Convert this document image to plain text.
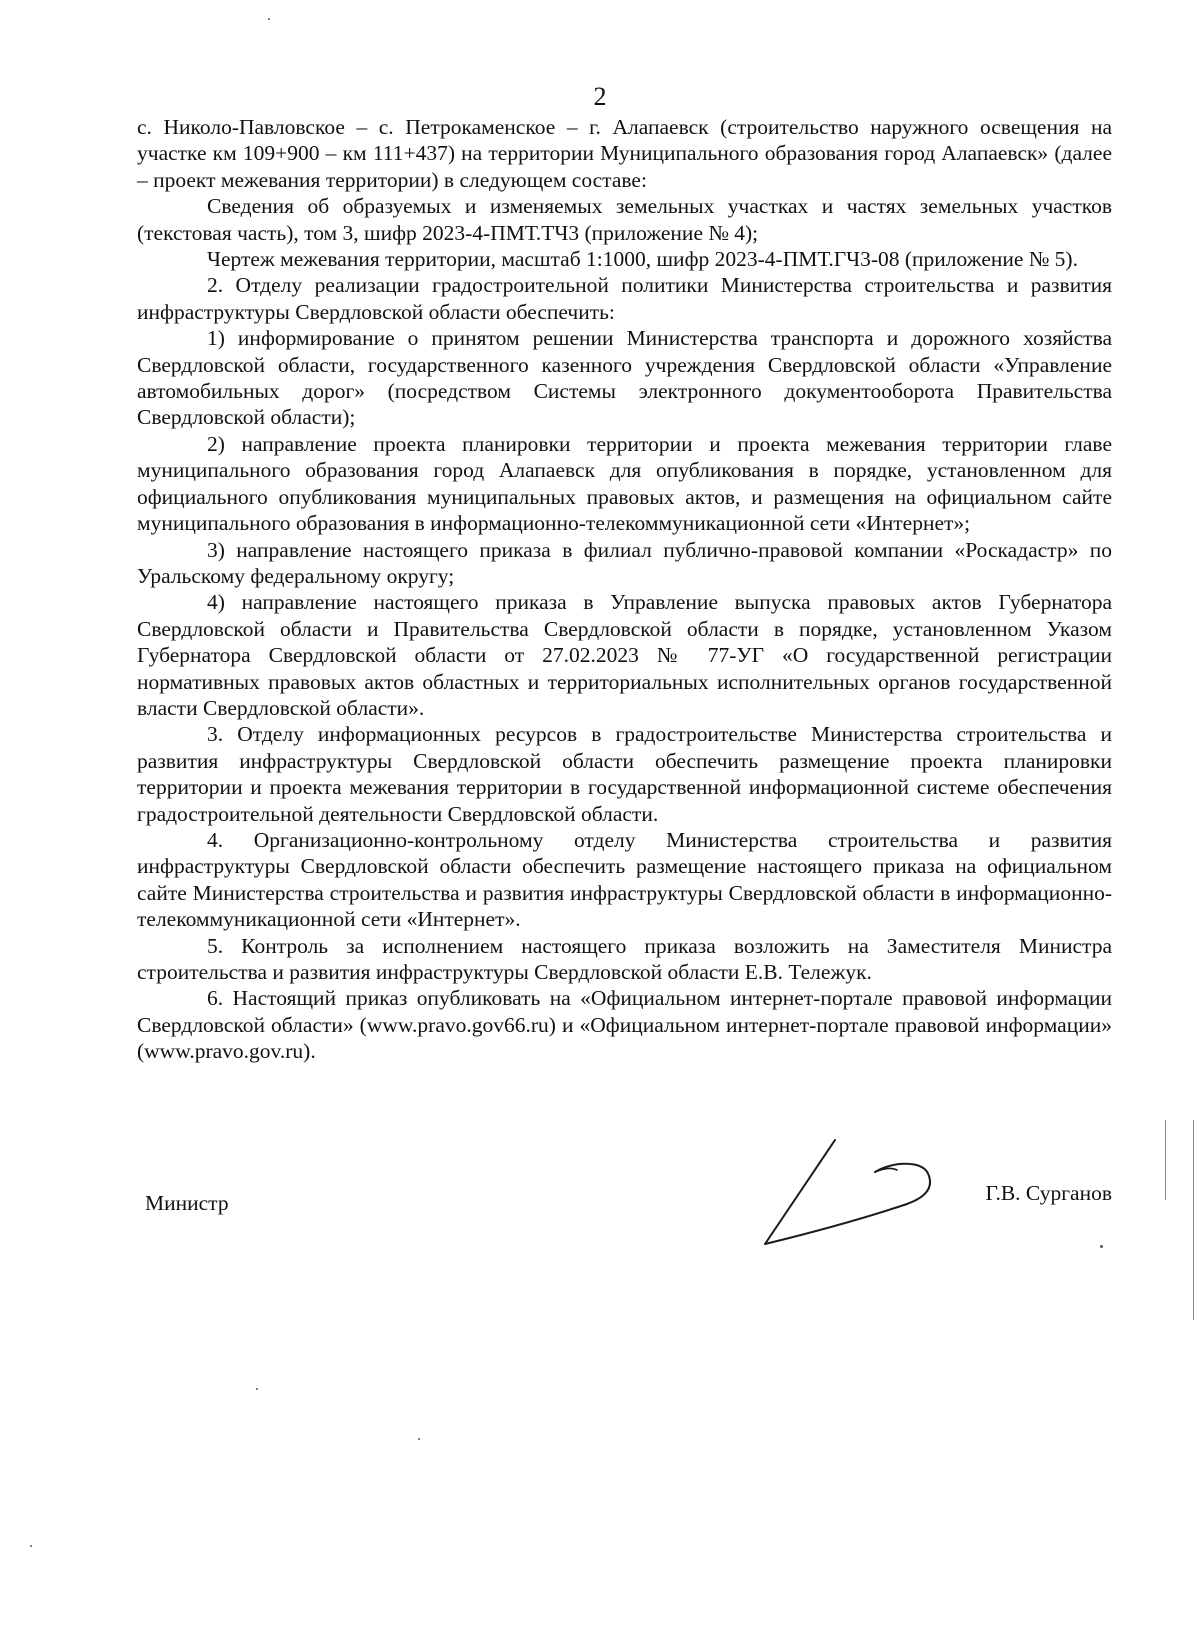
2

с. Николо-Павловское – с. Петрокаменское – г. Алапаевск (строительство наружного освещения на участке км 109+900 – км 111+437) на территории Муниципального образования город Алапаевск» (далее – проект межевания территории) в следующем составе:

Сведения об образуемых и изменяемых земельных участках и частях земельных участков (текстовая часть), том 3, шифр 2023-4-ПМТ.ТЧ3 (приложение № 4);

Чертеж межевания территории, масштаб 1:1000, шифр 2023-4-ПМТ.ГЧ3-08 (приложение № 5).

2. Отделу реализации градостроительной политики Министерства строительства и развития инфраструктуры Свердловской области обеспечить:

1) информирование о принятом решении Министерства транспорта и дорожного хозяйства Свердловской области, государственного казенного учреждения Свердловской области «Управление автомобильных дорог» (посредством Системы электронного документооборота Правительства Свердловской области);

2) направление проекта планировки территории и проекта межевания территории главе муниципального образования город Алапаевск для опубликования в порядке, установленном для официального опубликования муниципальных правовых актов, и размещения на официальном сайте муниципального образования в информационно-телекоммуникационной сети «Интернет»;

3) направление настоящего приказа в филиал публично-правовой компании «Роскадастр» по Уральскому федеральному округу;

4) направление настоящего приказа в Управление выпуска правовых актов Губернатора Свердловской области и Правительства Свердловской области в порядке, установленном Указом Губернатора Свердловской области от 27.02.2023 № 77-УГ «О государственной регистрации нормативных правовых актов областных и территориальных исполнительных органов государственной власти Свердловской области».

3. Отделу информационных ресурсов в градостроительстве Министерства строительства и развития инфраструктуры Свердловской области обеспечить размещение проекта планировки территории и проекта межевания территории в государственной информационной системе обеспечения градостроительной деятельности Свердловской области.

4. Организационно-контрольному отделу Министерства строительства и развития инфраструктуры Свердловской области обеспечить размещение настоящего приказа на официальном сайте Министерства строительства и развития инфраструктуры Свердловской области в информационно-телекоммуникационной сети «Интернет».

5. Контроль за исполнением настоящего приказа возложить на Заместителя Министра строительства и развития инфраструктуры Свердловской области Е.В. Тележук.

6. Настоящий приказ опубликовать на «Официальном интернет-портале правовой информации Свердловской области» (www.pravo.gov66.ru) и «Официальном интернет-портале правовой информации» (www.pravo.gov.ru).

Министр	Г.В. Сурганов
